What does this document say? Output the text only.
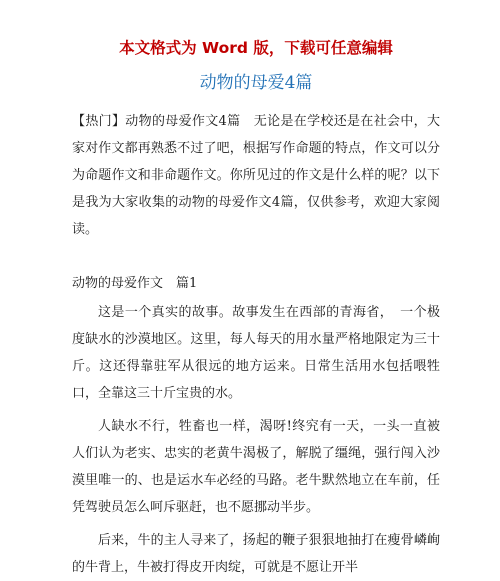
本文格式为 Word 版，下载可任意编辑
动物的母爱4篇
【热门】动物的母爱作文4篇　无论是在学校还是在社会中，大家对作文都再熟悉不过了吧，根据写作命题的特点，作文可以分为命题作文和非命题作文。你所见过的作文是什么样的呢？以下是我为大家收集的动物的母爱作文4篇，仅供参考，欢迎大家阅读。
动物的母爱作文　篇1

这是一个真实的故事。故事发生在西部的青海省，　一个极度缺水的沙漠地区。这里，每人每天的用水量严格地限定为三十斤。这还得靠驻军从很远的地方运来。日常生活用水包括喂牲口，全靠这三十斤宝贵的水。

人缺水不行，牲畜也一样，渴呀!终究有一天，一头一直被人们认为老实、忠实的老黄牛渴极了，解脱了缰绳，强行闯入沙漠里唯一的、也是运水车必经的马路。老牛默然地立在车前，任凭驾驶员怎么呵斥驱赶，也不愿挪动半步。

后来，牛的主人寻来了，扬起的鞭子狠狠地抽打在瘦骨嶙峋的牛背上，牛被打得皮开肉绽，可就是不愿让开半
